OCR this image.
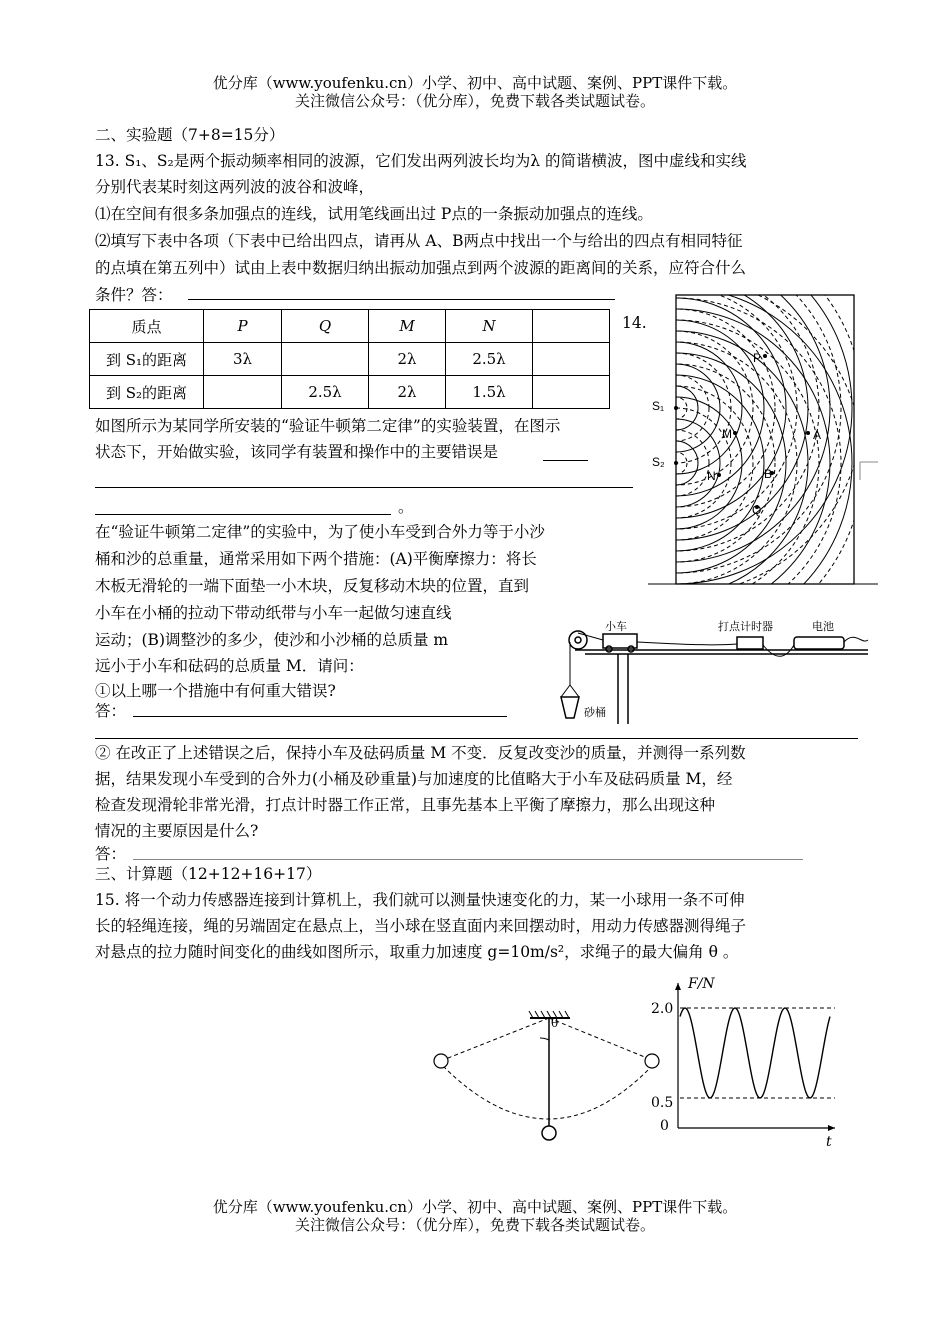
优分库（www.youfenku.cn）小学、初中、高中试题、案例、PPT课件下载。
关注微信公众号：（优分库），免费下载各类试题试卷。
二、实验题（7+8=15分）
13. S₁、S₂是两个振动频率相同的波源，它们发出两列波长均为λ 的简谐横波，图中虚线和实线
分别代表某时刻这两列波的波谷和波峰，
⑴在空间有很多条加强点的连线，试用笔线画出过 P点的一条振动加强点的连线。
⑵填写下表中各项（下表中已给出四点，请再从 A、B两点中找出一个与给出的四点有相同特征
的点填在第五列中）试由上表中数据归纳出振动加强点到两个波源的距离间的关系，应符合什么
条件？答：
质点	P	Q	M	N	
到 S₁的距离	3λ		2λ	2.5λ	
到 S₂的距离		2.5λ	2λ	1.5λ	
14.
如图所示为某同学所安装的“验证牛顿第二定律”的实验装置，在图示
状态下，开始做实验，该同学有装置和操作中的主要错误是
。
在“验证牛顿第二定律”的实验中，为了使小车受到合外力等于小沙
桶和沙的总重量，通常采用如下两个措施：(A)平衡摩擦力：将长
木板无滑轮的一端下面垫一小木块，反复移动木块的位置，直到
小车在小桶的拉动下带动纸带与小车一起做匀速直线
运动；(B)调整沙的多少，使沙和小沙桶的总质量 m
远小于小车和砝码的总质量 M．请问：
①以上哪一个措施中有何重大错误?
答：
② 在改正了上述错误之后，保持小车及砝码质量 M 不变．反复改变沙的质量，并测得一系列数
据，结果发现小车受到的合外力(小桶及砂重量)与加速度的比值略大于小车及砝码质量 M，经
检查发现滑轮非常光滑，打点计时器工作正常，且事先基本上平衡了摩擦力，那么出现这种
情况的主要原因是什么?
答：
三、计算题（12+12+16+17）
15. 将一个动力传感器连接到计算机上，我们就可以测量快速变化的力，某一小球用一条不可伸
长的轻绳连接，绳的另端固定在悬点上，当小球在竖直面内来回摆动时，用动力传感器测得绳子
对悬点的拉力随时间变化的曲线如图所示，取重力加速度 g=10m/s²，求绳子的最大偏角 θ 。
S₁
S₂
P
M
N
A
B
Q
小车	打点计时器	电池
砂桶
θ
F/N
t
2.0
0.5
0
优分库（www.youfenku.cn）小学、初中、高中试题、案例、PPT课件下载。
关注微信公众号：（优分库），免费下载各类试题试卷。
